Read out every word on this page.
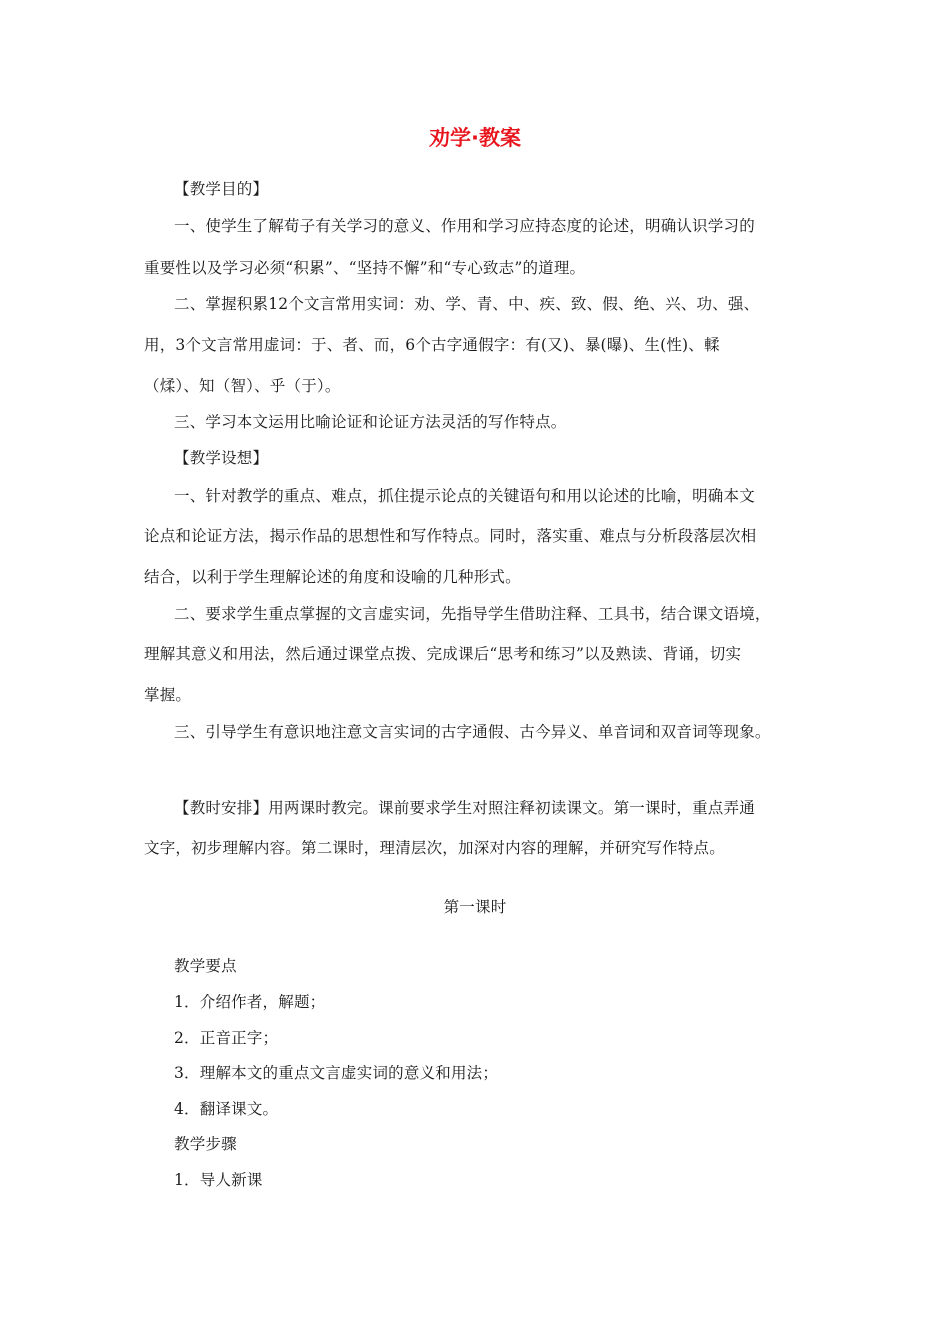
劝学·教案
【教学目的】
一、使学生了解荀子有关学习的意义、作用和学习应持态度的论述，明确认识学习的
重要性以及学习必须“积累”、“坚持不懈”和“专心致志”的道理。
二、掌握积累12个文言常用实词：劝、学、青、中、疾、致、假、绝、兴、功、强、
用，3个文言常用虚词：于、者、而，6个古字通假字：有(又)、暴(曝)、生(性)、輮
（煣）、知（智）、乎（于）。
三、学习本文运用比喻论证和论证方法灵活的写作特点。
【教学设想】
一、针对教学的重点、难点，抓住提示论点的关键语句和用以论述的比喻，明确本文
论点和论证方法，揭示作品的思想性和写作特点。同时，落实重、难点与分析段落层次相
结合，以利于学生理解论述的角度和设喻的几种形式。
二、要求学生重点掌握的文言虚实词，先指导学生借助注释、工具书，结合课文语境，
理解其意义和用法，然后通过课堂点拨、完成课后“思考和练习”以及熟读、背诵，切实
掌握。
三、引导学生有意识地注意文言实词的古字通假、古今异义、单音词和双音词等现象。
【教时安排】用两课时教完。课前要求学生对照注释初读课文。第一课时，重点弄通
文字，初步理解内容。第二课时，理清层次，加深对内容的理解，并研究写作特点。
第一课时
教学要点
1．介绍作者，解题；
2．正音正字；
3．理解本文的重点文言虚实词的意义和用法；
4．翻译课文。
教学步骤
1．导人新课
